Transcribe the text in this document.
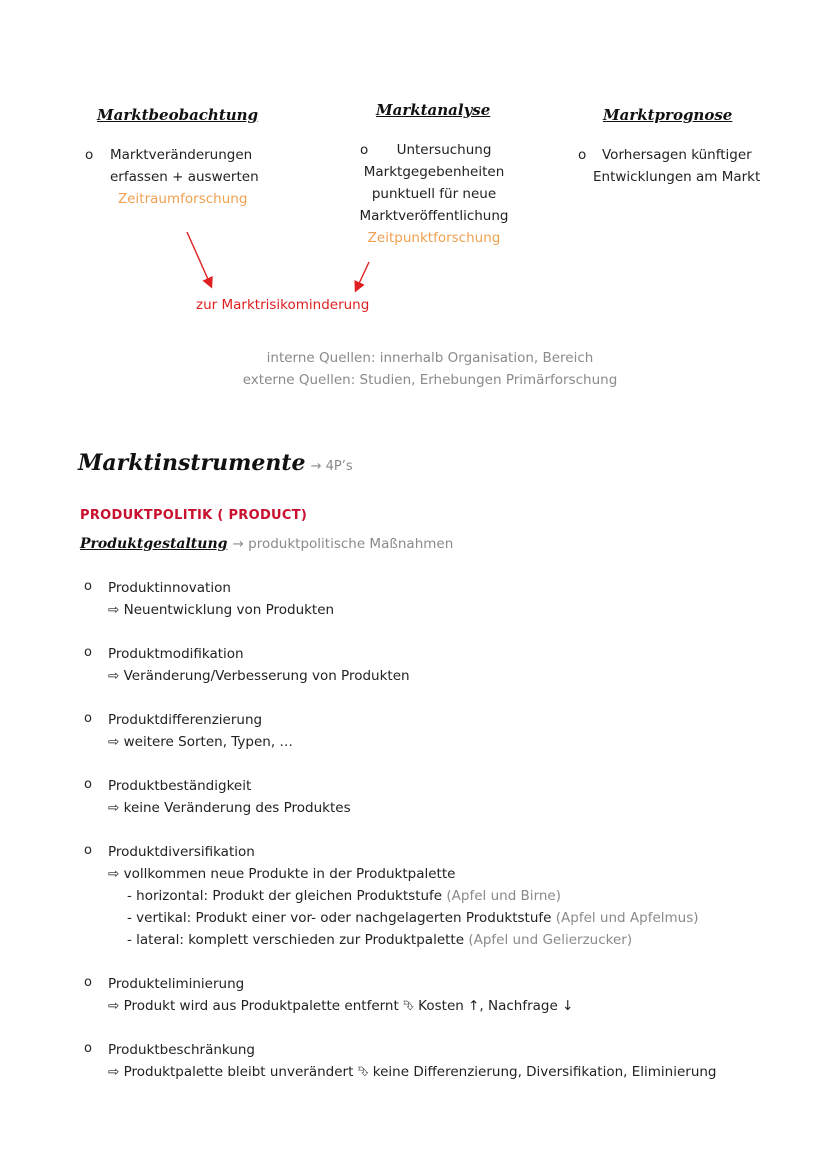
Marktbeobachtung
o Marktveränderungen
erfassen + auswerten
Zeitraumforschung
Marktanalyse
o	Untersuchung
Marktgegebenheiten
punktuell für neue
Marktveröffentlichung
Zeitpunktforschung
Marktprognose
o Vorhersagen künftiger
Entwicklungen am Markt
zur Marktrisikominderung
interne Quellen: innerhalb Organisation, Bereich
externe Quellen: Studien, Erhebungen Primärforschung
Marktinstrumente → 4P’s
PRODUKTPOLITIK ( PRODUCT)
Produktgestaltung → produktpolitische Maßnahmen
o Produktinnovation
⇨ Neuentwicklung von Produkten
o Produktmodifikation
⇨ Veränderung/Verbesserung von Produkten
o Produktdifferenzierung
⇨ weitere Sorten, Typen, …
o Produktbeständigkeit
⇨ keine Veränderung des Produktes
o Produktdiversifikation
⇨ vollkommen neue Produkte in der Produktpalette
- horizontal: Produkt der gleichen Produktstufe (Apfel und Birne)
- vertikal: Produkt einer vor- oder nachgelagerten Produktstufe (Apfel und Apfelmus)
- lateral: komplett verschieden zur Produktpalette (Apfel und Gelierzucker)
o Produkteliminierung
⇨ Produkt wird aus Produktpalette entfernt ⮷ Kosten ↑, Nachfrage ↓
o Produktbeschränkung
⇨ Produktpalette bleibt unverändert ⮷ keine Differenzierung, Diversifikation, Eliminierung
